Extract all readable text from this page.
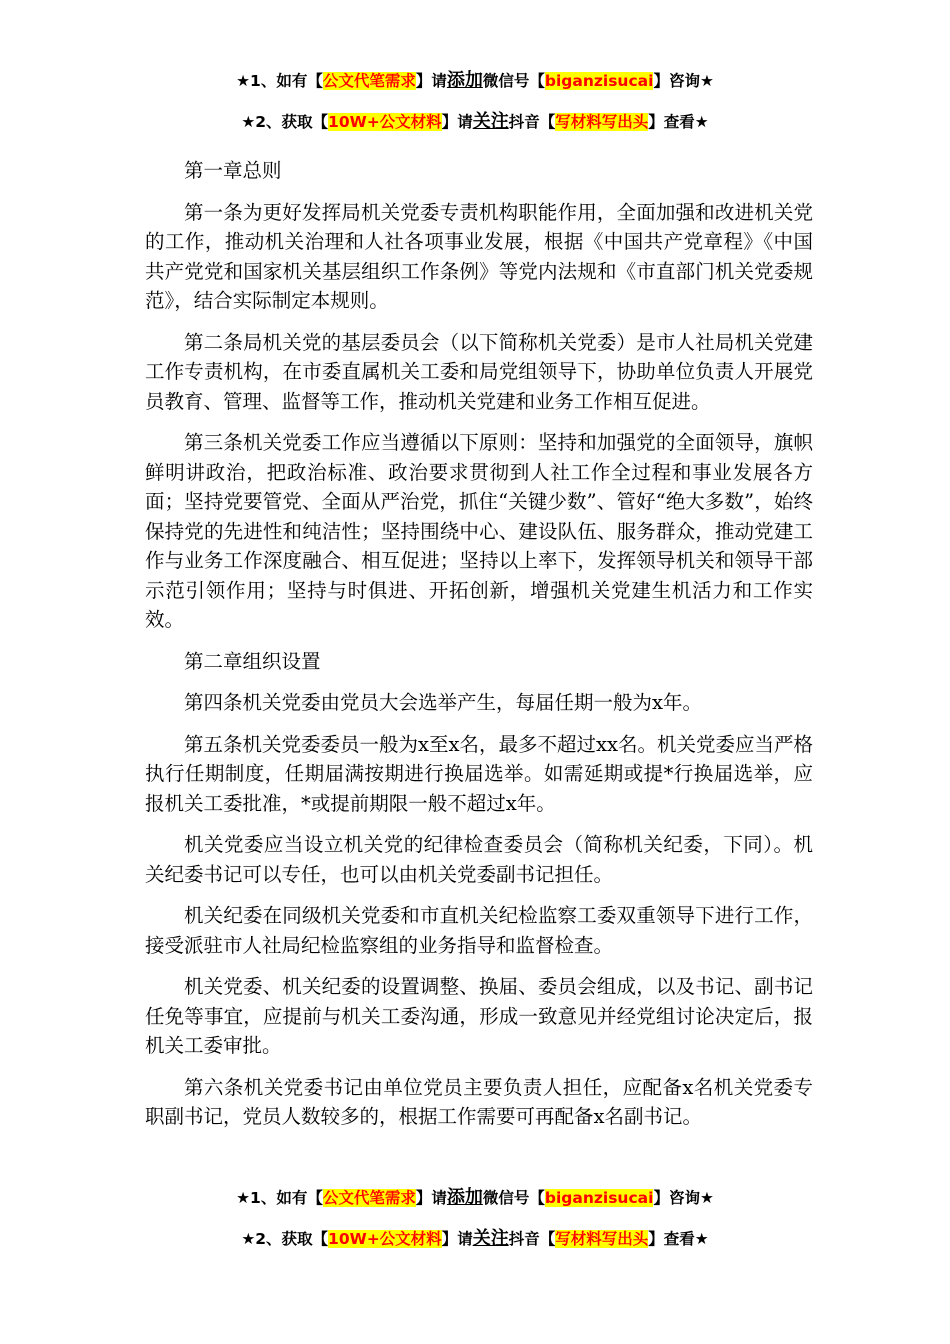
★1、如有【公文代笔需求】请添加微信号【biganzisucai】咨询★
★2、获取【10W+公文材料】请关注抖音【写材料写出头】查看★

第一章总则

第一条为更好发挥局机关党委专责机构职能作用，全面加强和改进机关党的工作，推动机关治理和人社各项事业发展，根据《中国共产党章程》《中国共产党党和国家机关基层组织工作条例》等党内法规和《市直部门机关党委规范》，结合实际制定本规则。

第二条局机关党的基层委员会（以下简称机关党委）是市人社局机关党建工作专责机构，在市委直属机关工委和局党组领导下，协助单位负责人开展党员教育、管理、监督等工作，推动机关党建和业务工作相互促进。

第三条机关党委工作应当遵循以下原则：坚持和加强党的全面领导，旗帜鲜明讲政治，把政治标准、政治要求贯彻到人社工作全过程和事业发展各方面；坚持党要管党、全面从严治党，抓住“关键少数”、管好“绝大多数”，始终保持党的先进性和纯洁性；坚持围绕中心、建设队伍、服务群众，推动党建工作与业务工作深度融合、相互促进；坚持以上率下，发挥领导机关和领导干部示范引领作用；坚持与时俱进、开拓创新，增强机关党建生机活力和工作实效。

第二章组织设置

第四条机关党委由党员大会选举产生，每届任期一般为x年。

第五条机关党委委员一般为x至x名，最多不超过xx名。机关党委应当严格执行任期制度，任期届满按期进行换届选举。如需延期或提*行换届选举，应报机关工委批准，*或提前期限一般不超过x年。

机关党委应当设立机关党的纪律检查委员会（简称机关纪委，下同）。机关纪委书记可以专任，也可以由机关党委副书记担任。

机关纪委在同级机关党委和市直机关纪检监察工委双重领导下进行工作，接受派驻市人社局纪检监察组的业务指导和监督检查。

机关党委、机关纪委的设置调整、换届、委员会组成，以及书记、副书记任免等事宜，应提前与机关工委沟通，形成一致意见并经党组讨论决定后，报机关工委审批。

第六条机关党委书记由单位党员主要负责人担任，应配备x名机关党委专职副书记，党员人数较多的，根据工作需要可再配备x名副书记。

★1、如有【公文代笔需求】请添加微信号【biganzisucai】咨询★
★2、获取【10W+公文材料】请关注抖音【写材料写出头】查看★
